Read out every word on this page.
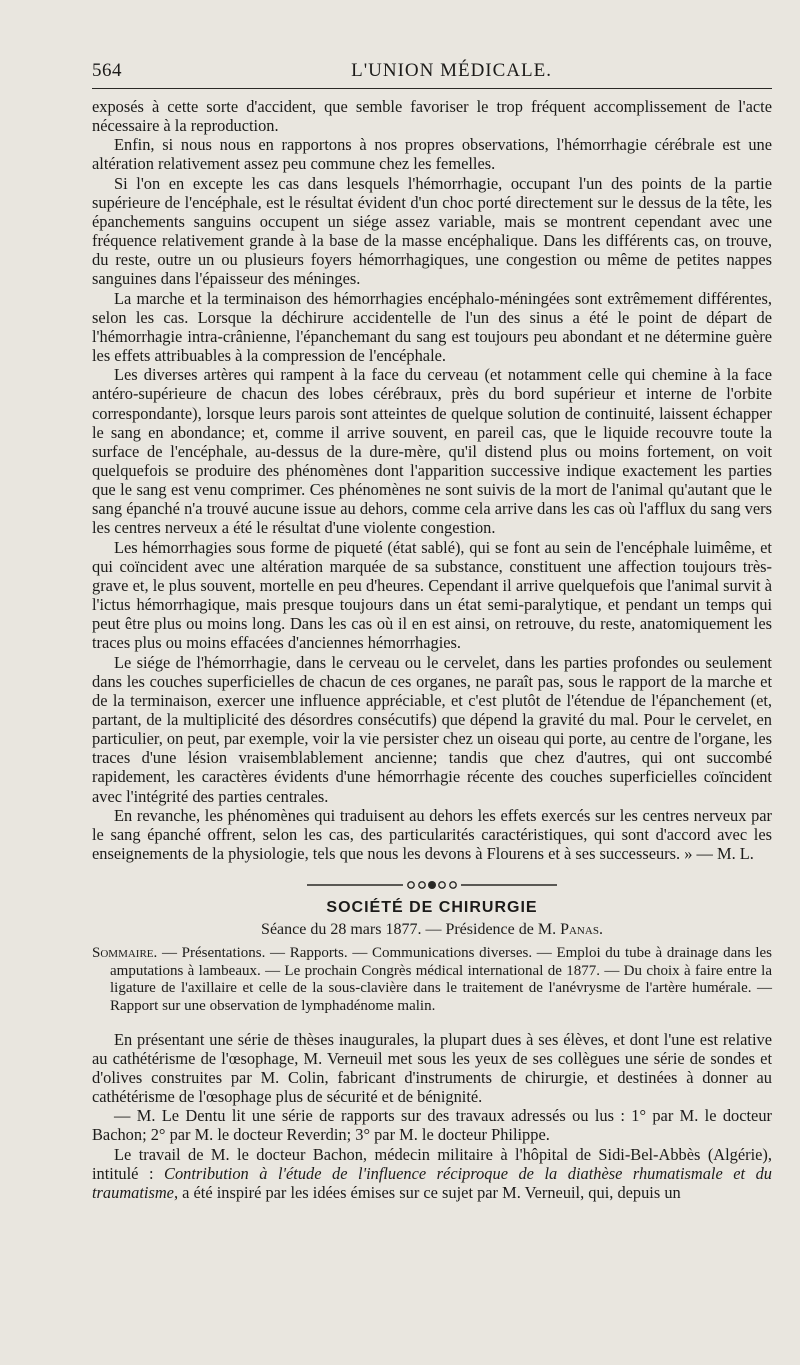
564	L'UNION MÉDICALE.

exposés à cette sorte d'accident, que semble favoriser le trop fréquent accomplissement de l'acte nécessaire à la reproduction.

Enfin, si nous nous en rapportons à nos propres observations, l'hémorrhagie cérébrale est une altération relativement assez peu commune chez les femelles.

Si l'on en excepte les cas dans lesquels l'hémorrhagie, occupant l'un des points de la partie supérieure de l'encéphale, est le résultat évident d'un choc porté directement sur le dessus de la tête, les épanchements sanguins occupent un siége assez variable, mais se montrent cependant avec une fréquence relativement grande à la base de la masse encéphalique. Dans les différents cas, on trouve, du reste, outre un ou plusieurs foyers hémorrhagiques, une congestion ou même de petites nappes sanguines dans l'épaisseur des méninges.

La marche et la terminaison des hémorrhagies encéphalo-méningées sont extrêmement différentes, selon les cas. Lorsque la déchirure accidentelle de l'un des sinus a été le point de départ de l'hémorrhagie intra-crânienne, l'épanchemant du sang est toujours peu abondant et ne détermine guère les effets attribuables à la compression de l'encéphale.

Les diverses artères qui rampent à la face du cerveau (et notamment celle qui chemine à la face antéro-supérieure de chacun des lobes cérébraux, près du bord supérieur et interne de l'orbite correspondante), lorsque leurs parois sont atteintes de quelque solution de continuité, laissent échapper le sang en abondance; et, comme il arrive souvent, en pareil cas, que le liquide recouvre toute la surface de l'encéphale, au-dessus de la dure-mère, qu'il distend plus ou moins fortement, on voit quelquefois se produire des phénomènes dont l'apparition successive indique exactement les parties que le sang est venu comprimer. Ces phénomènes ne sont suivis de la mort de l'animal qu'autant que le sang épanché n'a trouvé aucune issue au dehors, comme cela arrive dans les cas où l'afflux du sang vers les centres nerveux a été le résultat d'une violente congestion.

Les hémorrhagies sous forme de piqueté (état sablé), qui se font au sein de l'encéphale luimême, et qui coïncident avec une altération marquée de sa substance, constituent une affection toujours très-grave et, le plus souvent, mortelle en peu d'heures. Cependant il arrive quelquefois que l'animal survit à l'ictus hémorrhagique, mais presque toujours dans un état semi-paralytique, et pendant un temps qui peut être plus ou moins long. Dans les cas où il en est ainsi, on retrouve, du reste, anatomiquement les traces plus ou moins effacées d'anciennes hémorrhagies.

Le siége de l'hémorrhagie, dans le cerveau ou le cervelet, dans les parties profondes ou seulement dans les couches superficielles de chacun de ces organes, ne paraît pas, sous le rapport de la marche et de la terminaison, exercer une influence appréciable, et c'est plutôt de l'étendue de l'épanchement (et, partant, de la multiplicité des désordres consécutifs) que dépend la gravité du mal. Pour le cervelet, en particulier, on peut, par exemple, voir la vie persister chez un oiseau qui porte, au centre de l'organe, les traces d'une lésion vraisemblablement ancienne; tandis que chez d'autres, qui ont succombé rapidement, les caractères évidents d'une hémorrhagie récente des couches superficielles coïncident avec l'intégrité des parties centrales.

En revanche, les phénomènes qui traduisent au dehors les effets exercés sur les centres nerveux par le sang épanché offrent, selon les cas, des particularités caractéristiques, qui sont d'accord avec les enseignements de la physiologie, tels que nous les devons à Flourens et à ses successeurs. » — M. L.

SOCIÉTÉ DE CHIRURGIE
Séance du 28 mars 1877. — Présidence de M. Panas.
Sommaire. — Présentations. — Rapports. — Communications diverses. — Emploi du tube à drainage dans les amputations à lambeaux. — Le prochain Congrès médical international de 1877. — Du choix à faire entre la ligature de l'axillaire et celle de la sous-clavière dans le traitement de l'anévrysme de l'artère humérale. — Rapport sur une observation de lymphadénome malin.

En présentant une série de thèses inaugurales, la plupart dues à ses élèves, et dont l'une est relative au cathétérisme de l'œsophage, M. Verneuil met sous les yeux de ses collègues une série de sondes et d'olives construites par M. Colin, fabricant d'instruments de chirurgie, et destinées à donner au cathétérisme de l'œsophage plus de sécurité et de bénignité.

— M. Le Dentu lit une série de rapports sur des travaux adressés ou lus : 1° par M. le docteur Bachon; 2° par M. le docteur Reverdin; 3° par M. le docteur Philippe.

Le travail de M. le docteur Bachon, médecin militaire à l'hôpital de Sidi-Bel-Abbès (Algérie), intitulé : Contribution à l'étude de l'influence réciproque de la diathèse rhumatismale et du traumatisme, a été inspiré par les idées émises sur ce sujet par M. Verneuil, qui, depuis un
